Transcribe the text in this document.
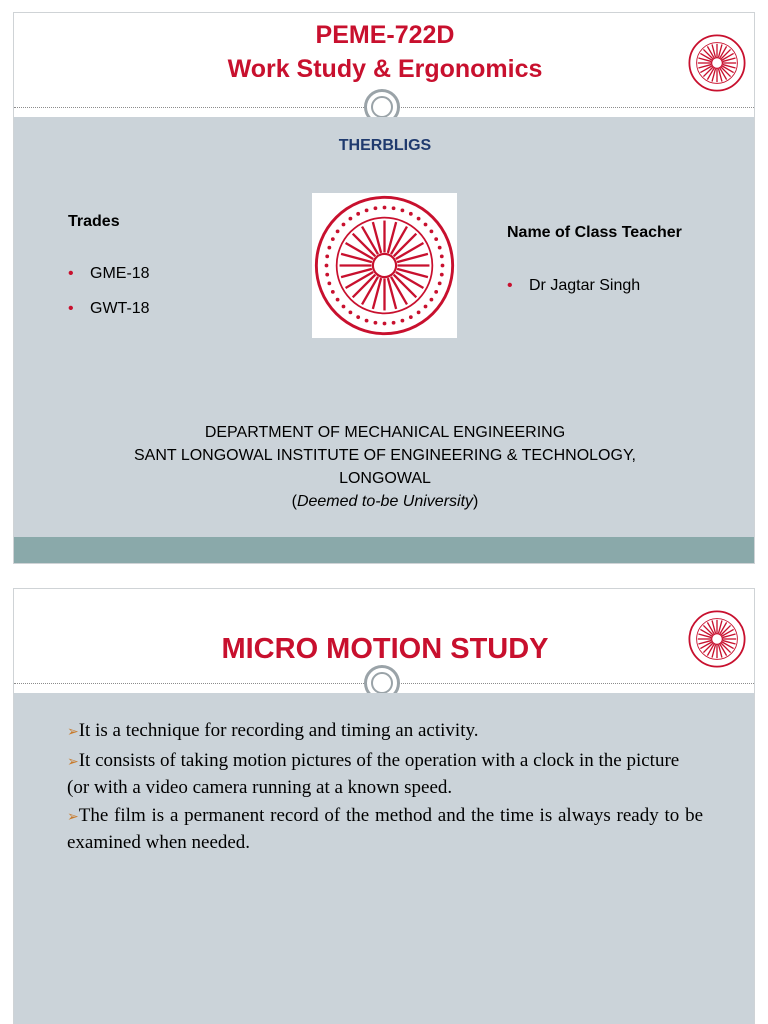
PEME-722D
Work Study & Ergonomics
THERBLIGS
Trades
• GME-18
• GWT-18
Name of Class Teacher
• Dr Jagtar Singh
DEPARTMENT OF MECHANICAL ENGINEERING
SANT LONGOWAL INSTITUTE OF ENGINEERING & TECHNOLOGY,
LONGOWAL
(Deemed to-be University)
MICRO MOTION STUDY
➢It is a technique for recording and timing an activity.
➢It consists of taking motion pictures of the operation with a clock in the picture (or with a video camera running at a known speed.
➢The film is a permanent record of the method and the time is always ready to be examined when needed.
